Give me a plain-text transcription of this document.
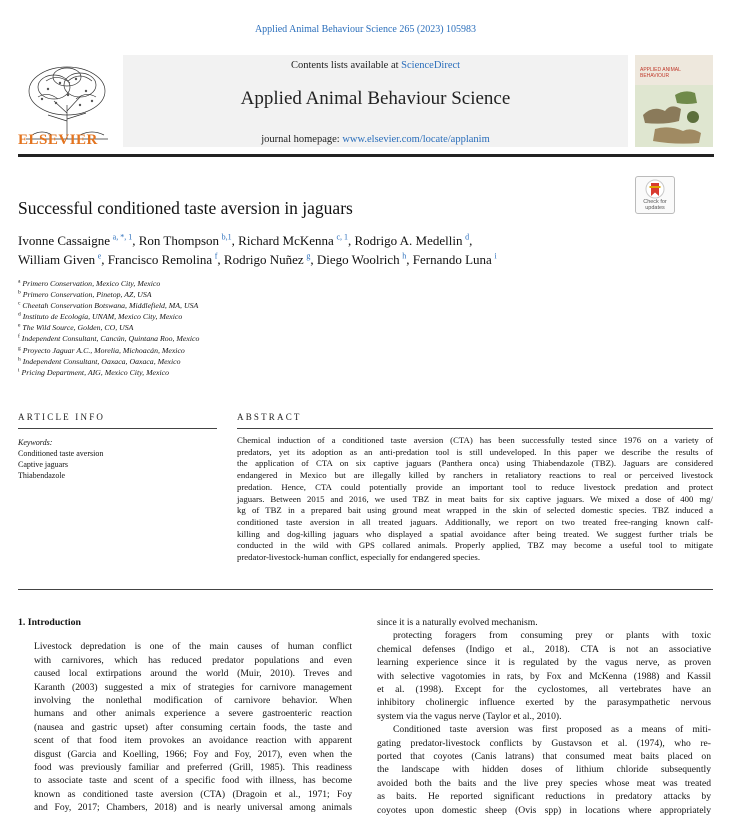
Applied Animal Behaviour Science 265 (2023) 105983
ELSEVIER
Contents lists available at ScienceDirect
Applied Animal Behaviour Science
journal homepage: www.elsevier.com/locate/applanim
APPLIED ANIMAL
BEHAVIOUR
Check for
updates
Successful conditioned taste aversion in jaguars
Ivonne Cassaigne  $^{a, *, 1}$, Ron Thompson  $^{b,1}$, Richard McKenna  $^{c, 1}$, Rodrigo A. Medellin  $^d$,
William Given  $^e$, Francisco Remolina  $^f$, Rodrigo Nuñez  $^g$, Diego Woolrich  $^h$, Fernando Luna  $^i$
$^a$ Primero Conservation, Mexico City, Mexico
$^b$ Primero Conservation, Pinetop, AZ, USA
$^c$ Cheetah Conservation Botswana, Middlefield, MA, USA
$^d$ Instituto de Ecología, UNAM, Mexico City, Mexico
$^e$ The Wild Source, Golden, CO, USA
$^f$ Independent Consultant, Cancún, Quintana Roo, Mexico
$^g$ Proyecto Jaguar A.C., Morelia, Michoacán, Mexico
$^h$ Independent Consultant, Oaxaca, Oaxaca, Mexico
$^i$ Pricing Department, AIG, Mexico City, Mexico
ARTICLE INFO
Keywords:
Conditioned taste aversion
Captive jaguars
Thiabendazole
ABSTRACT
Chemical induction of a conditioned taste aversion (CTA) has been successfully tested since 1976 on a variety of
predators, yet its adoption as an anti-predation tool is still undeveloped. In this paper we describe the results of
the application of CTA on six captive jaguars (Panthera onca) using Thiabendazole (TBZ). Jaguars are considered
endangered in Mexico but are illegally killed by ranchers in retaliatory reactions to real or perceived livestock
predation. Hence, CTA could potentially provide an important tool to reduce livestock predation and protect
jaguars. Between 2015 and 2016, we used TBZ in meat baits for six captive jaguars. We mixed a dose of 400 mg/
kg of TBZ in a prepared bait using ground meat wrapped in the skin of selected domestic species. TBZ induced a
conditioned taste aversion in all treated jaguars. Additionally, we report on two treated free-ranging known calf-
killing and dog-killing jaguars who displayed a spatial avoidance after being treated. We suggest further trials be
conducted in the wild with GPS collared animals. Properly applied, TBZ may become a useful tool to mitigate
predator-livestock-human conflict, especially for endangered species.

1. Introduction

Livestock depredation is one of the main causes of human conflict
with carnivores, which has reduced predator populations and even
caused local extirpations around the world (Muir, 2010). Treves and
Karanth (2003) suggested a mix of strategies for carnivore management
involving the nonlethal modification of carnivore behavior. When
humans and other animals experience a severe gastroenteric reaction
(nausea and gastric upset) after consuming certain foods, the taste and
scent of that food item provokes an avoidance reaction with apparent
disgust (Garcia and Koelling, 1966; Foy and Foy, 2017), even when the
food was previously familiar and preferred (Grill, 1985). This readiness
to associate taste and scent of a specific food with illness, has become
known as conditioned taste aversion (CTA) (Dragoin et al., 1971; Foy
and Foy, 2017; Chambers, 2018) and is nearly universal among animals
since it is a naturally evolved mechanism.
protecting foragers from consuming prey or plants with toxic
chemical defenses (Indigo et al., 2018). CTA is not an associative
learning experience since it is regulated by the vagus nerve, as proven
with selective vagotomies in rats, by Fox and McKenna (1988) and Kassil
et al. (1998). Except for the cyclostomes, all vertebrates have an
inhibitory cholinergic influence exerted by the parasympathetic nervous
system via the vagus nerve (Taylor et al., 2010).
Conditioned taste aversion was first proposed as a means of miti-
gating predator-livestock conflicts by Gustavson et al. (1974), who re-
ported that coyotes (Canis latrans) that consumed meat baits placed on
the landscape with hidden doses of lithium chloride subsequently
avoided both the baits and the live prey species whose meat was treated
as baits. He reported significant reductions in predatory attacks by
coyotes upon domestic sheep (Ovis spp) in locations where appropriately
